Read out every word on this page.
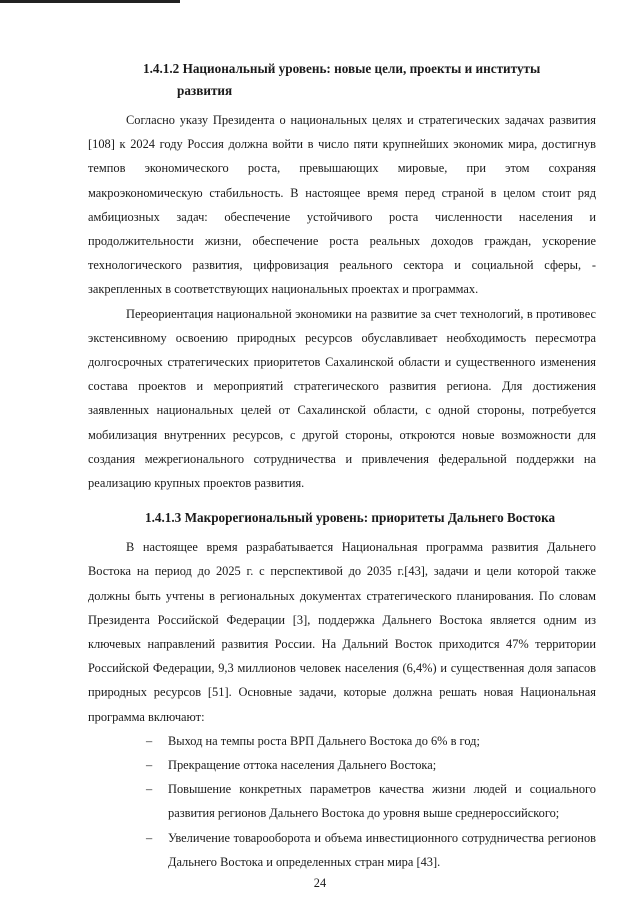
1.4.1.2 Национальный уровень: новые цели, проекты и институты
развития

Согласно указу Президента о национальных целях и стратегических задачах развития [108] к 2024 году Россия должна войти в число пяти крупнейших экономик мира, достигнув темпов экономического роста, превышающих мировые, при этом сохраняя макроэкономическую стабильность. В настоящее время перед страной в целом стоит ряд амбициозных задач: обеспечение устойчивого роста численности населения и продолжительности жизни, обеспечение роста реальных доходов граждан, ускорение технологического развития, цифровизация реального сектора и социальной сферы, - закрепленных в соответствующих национальных проектах и программах.

Переориентация национальной экономики на развитие за счет технологий, в противовес экстенсивному освоению природных ресурсов обуславливает необходимость пересмотра долгосрочных стратегических приоритетов Сахалинской области и существенного изменения состава проектов и мероприятий стратегического развития региона. Для достижения заявленных национальных целей от Сахалинской области, с одной стороны, потребуется мобилизация внутренних ресурсов, с другой стороны, откроются новые возможности для создания межрегионального сотрудничества и привлечения федеральной поддержки на реализацию крупных проектов развития.

1.4.1.3 Макрорегиональный уровень: приоритеты Дальнего Востока

В настоящее время разрабатывается Национальная программа развития Дальнего Востока на период до 2025 г. с перспективой до 2035 г.[43], задачи и цели которой также должны быть учтены в региональных документах стратегического планирования. По словам Президента Российской Федерации [3], поддержка Дальнего Востока является одним из ключевых направлений развития России. На Дальний Восток приходится 47% территории Российской Федерации, 9,3 миллионов человек населения (6,4%) и существенная доля запасов природных ресурсов [51]. Основные задачи, которые должна решать новая Национальная программа включают:

– Выход на темпы роста ВРП Дальнего Востока до 6% в год;
– Прекращение оттока населения Дальнего Востока;
– Повышение конкретных параметров качества жизни людей и социального развития регионов Дальнего Востока до уровня выше среднероссийского;
– Увеличение товарооборота и объема инвестиционного сотрудничества регионов Дальнего Востока и определенных стран мира [43].
24
